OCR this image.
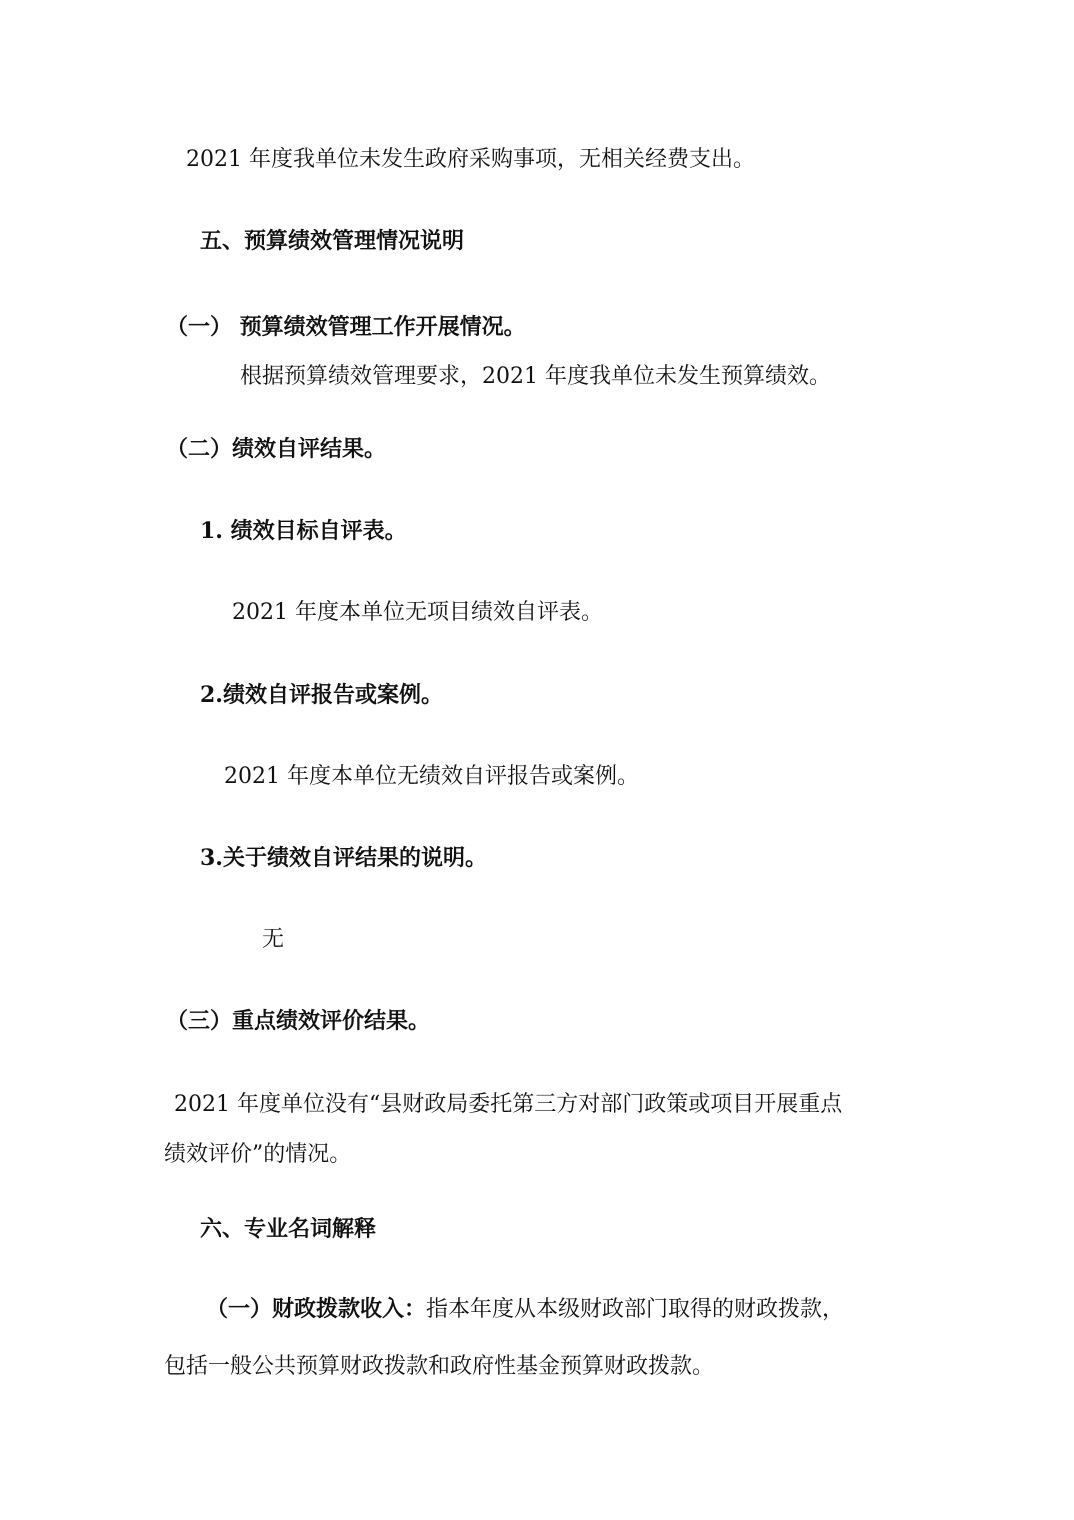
2021 年度我单位未发生政府采购事项，无相关经费支出。

五、预算绩效管理情况说明

（一） 预算绩效管理工作开展情况。

根据预算绩效管理要求，2021 年度我单位未发生预算绩效。

（二）绩效自评结果。

1. 绩效目标自评表。

2021 年度本单位无项目绩效自评表。

2.绩效自评报告或案例。

2021 年度本单位无绩效自评报告或案例。

3.关于绩效自评结果的说明。

无

（三）重点绩效评价结果。

2021 年度单位没有“县财政局委托第三方对部门政策或项目开展重点

绩效评价”的情况。

六、专业名词解释

（一）财政拨款收入：指本年度从本级财政部门取得的财政拨款，

包括一般公共预算财政拨款和政府性基金预算财政拨款。
